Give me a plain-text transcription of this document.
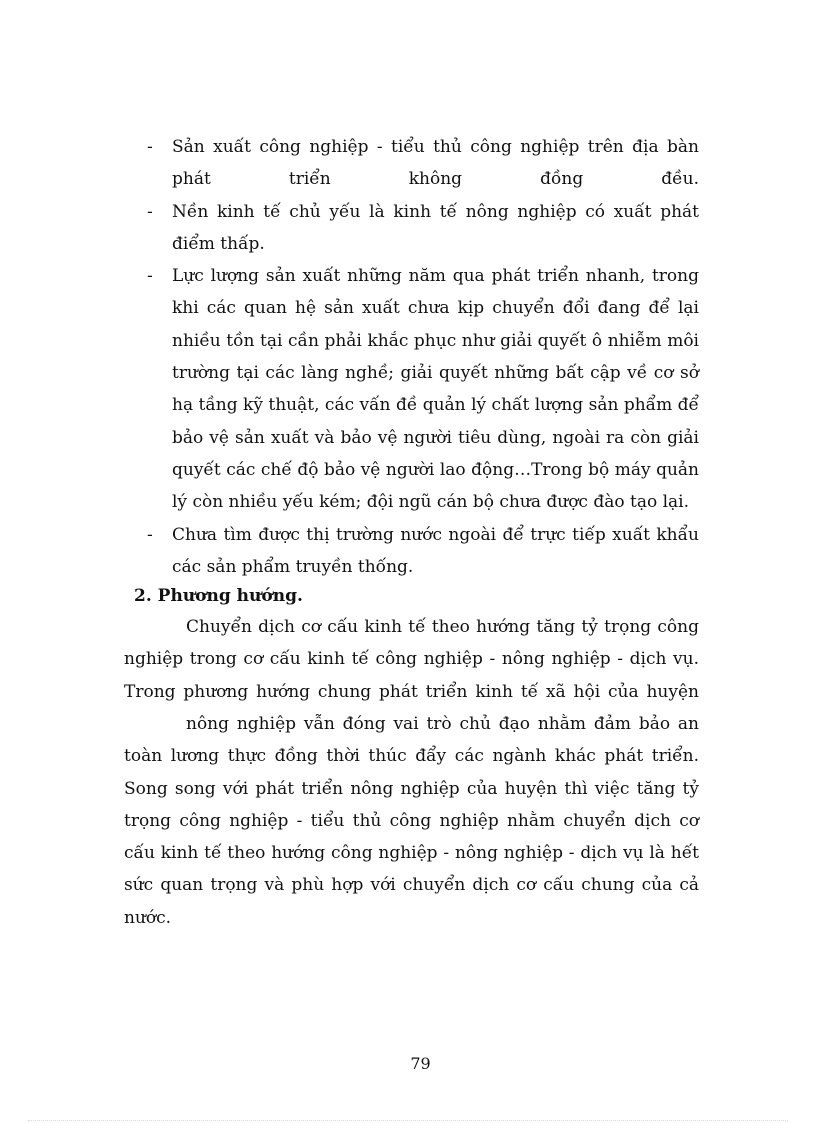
- Sản xuất công nghiệp - tiểu thủ công nghiệp trên địa bàn phát triển không đồng đều.
- Nền kinh tế chủ yếu là kinh tế nông nghiệp có xuất phát điểm thấp.
- Lực lượng sản xuất những năm qua phát triển nhanh, trong khi các quan hệ sản xuất chưa kịp chuyển đổi đang để lại nhiều tồn tại cần phải khắc phục như giải quyết ô nhiễm môi trường tại các làng nghề; giải quyết những bất cập về cơ sở hạ tầng kỹ thuật, các vấn đề quản lý chất lượng sản phẩm để bảo vệ sản xuất và bảo vệ người tiêu dùng, ngoài ra còn giải quyết các chế độ bảo vệ người lao động…Trong bộ máy quản lý còn nhiều yếu kém; đội ngũ cán bộ chưa được đào tạo lại.
- Chưa tìm được thị trường nước ngoài để trực tiếp xuất khẩu các sản phẩm truyền thống.
2. Phương hướng.

Chuyển dịch cơ cấu kinh tế theo hướng tăng tỷ trọng công nghiệp trong cơ cấu kinh tế công nghiệp - nông nghiệp - dịch vụ. Trong phương hướng chung phát triển kinh tế xã hội của huyện

nông nghiệp vẫn đóng vai trò chủ đạo nhằm đảm bảo an toàn lương thực đồng thời thúc đẩy các ngành khác phát triển. Song song với phát triển nông nghiệp của huyện thì việc tăng tỷ trọng công nghiệp - tiểu thủ công nghiệp nhằm chuyển dịch cơ cấu kinh tế theo hướng công nghiệp - nông nghiệp - dịch vụ là hết sức quan trọng và phù hợp với chuyển dịch cơ cấu chung của cả nước.

79
